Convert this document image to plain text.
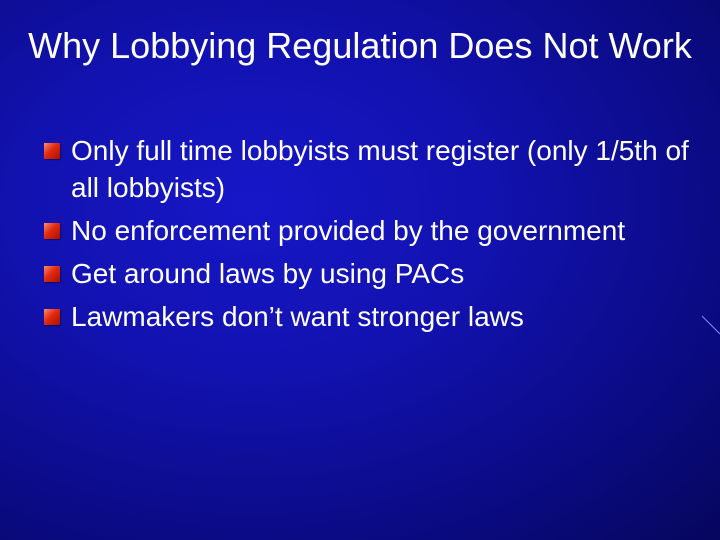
Why Lobbying Regulation Does Not Work
Only full time lobbyists must register (only 1/5th of all lobbyists)
No enforcement provided by the government
Get around laws by using PACs
Lawmakers don’t want stronger laws
